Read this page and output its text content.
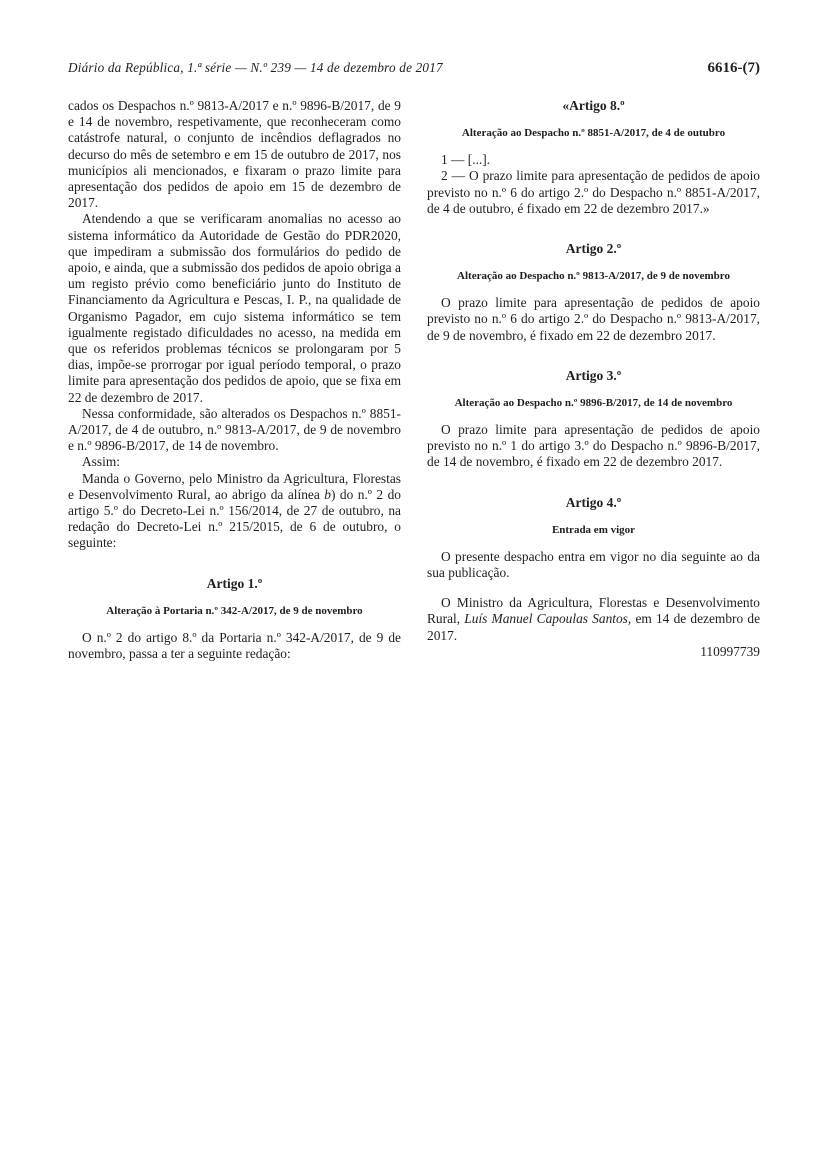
Diário da República, 1.ª série — N.º 239 — 14 de dezembro de 2017	6616-(7)

cados os Despachos n.º 9813-A/2017 e n.º 9896-B/2017, de 9 e 14 de novembro, respetivamente, que reconheceram como catástrofe natural, o conjunto de incêndios deflagrados no decurso do mês de setembro e em 15 de outubro de 2017, nos municípios ali mencionados, e fixaram o prazo limite para apresentação dos pedidos de apoio em 15 de dezembro de 2017.

Atendendo a que se verificaram anomalias no acesso ao sistema informático da Autoridade de Gestão do PDR2020, que impediram a submissão dos formulários do pedido de apoio, e ainda, que a submissão dos pedidos de apoio obriga a um registo prévio como beneficiário junto do Instituto de Financiamento da Agricultura e Pescas, I. P., na qualidade de Organismo Pagador, em cujo sistema informático se tem igualmente registado dificuldades no acesso, na medida em que os referidos problemas técnicos se prolongaram por 5 dias, impõe-se prorrogar por igual período temporal, o prazo limite para apresentação dos pedidos de apoio, que se fixa em 22 de dezembro de 2017.

Nessa conformidade, são alterados os Despachos n.º 8851-A/2017, de 4 de outubro, n.º 9813-A/2017, de 9 de novembro e n.º 9896-B/2017, de 14 de novembro.

Assim:

Manda o Governo, pelo Ministro da Agricultura, Florestas e Desenvolvimento Rural, ao abrigo da alínea b) do n.º 2 do artigo 5.º do Decreto-Lei n.º 156/2014, de 27 de outubro, na redação do Decreto-Lei n.º 215/2015, de 6 de outubro, o seguinte:

Artigo 1.º
Alteração à Portaria n.º 342-A/2017, de 9 de novembro

O n.º 2 do artigo 8.º da Portaria n.º 342-A/2017, de 9 de novembro, passa a ter a seguinte redação:

«Artigo 8.º
Alteração ao Despacho n.º 8851-A/2017, de 4 de outubro

1 — [...].

2 — O prazo limite para apresentação de pedidos de apoio previsto no n.º 6 do artigo 2.º do Despacho n.º 8851-A/2017, de 4 de outubro, é fixado em 22 de dezembro 2017.»

Artigo 2.º
Alteração ao Despacho n.º 9813-A/2017, de 9 de novembro

O prazo limite para apresentação de pedidos de apoio previsto no n.º 6 do artigo 2.º do Despacho n.º 9813-A/2017, de 9 de novembro, é fixado em 22 de dezembro 2017.

Artigo 3.º
Alteração ao Despacho n.º 9896-B/2017, de 14 de novembro

O prazo limite para apresentação de pedidos de apoio previsto no n.º 1 do artigo 3.º do Despacho n.º 9896-B/2017, de 14 de novembro, é fixado em 22 de dezembro 2017.

Artigo 4.º
Entrada em vigor

O presente despacho entra em vigor no dia seguinte ao da sua publicação.

O Ministro da Agricultura, Florestas e Desenvolvimento Rural, Luís Manuel Capoulas Santos, em 14 de dezembro de 2017.

110997739
